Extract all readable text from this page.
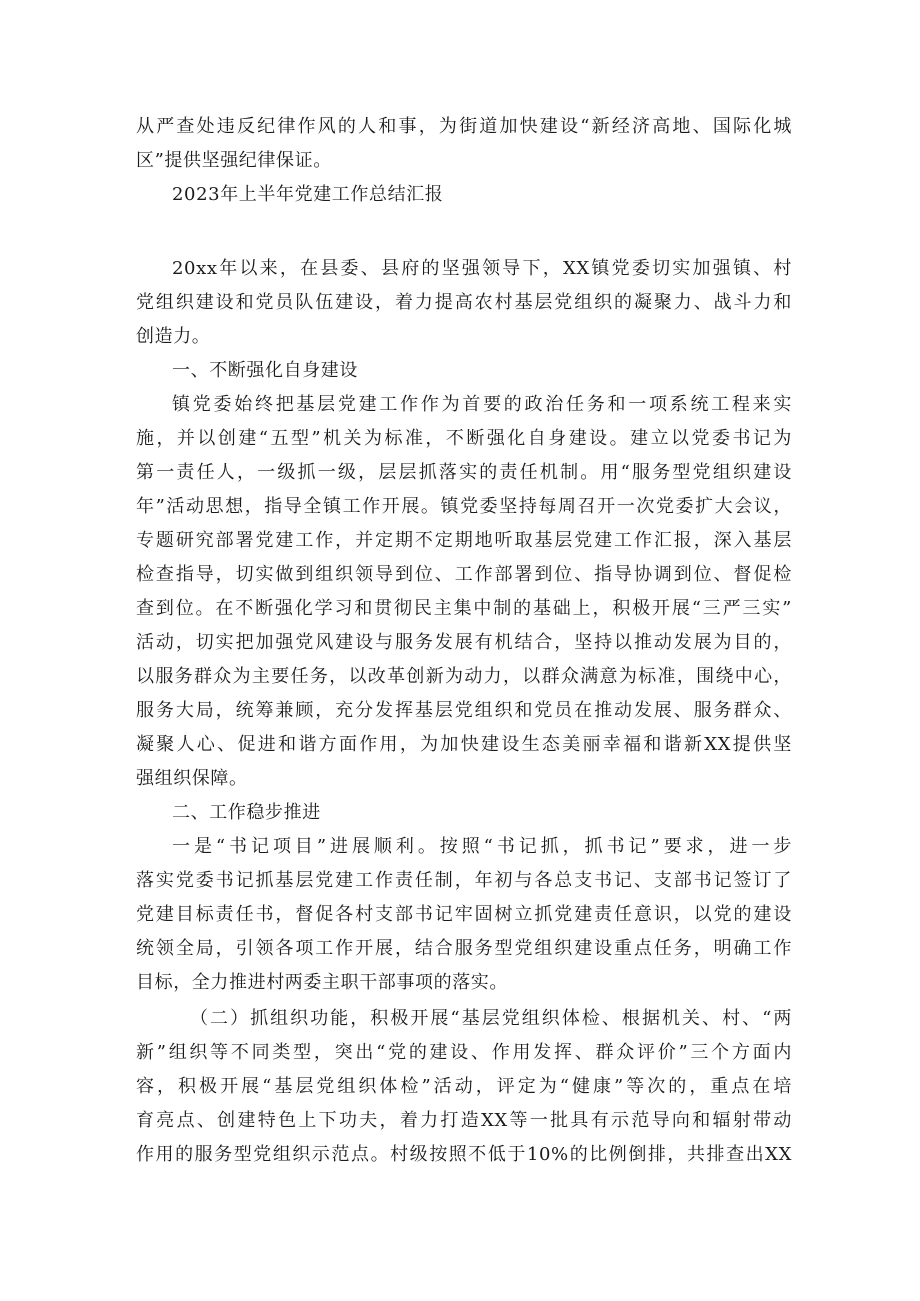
从严查处违反纪律作风的人和事，为街道加快建设“新经济高地、国际化城
区”提供坚强纪律保证。
2023年上半年党建工作总结汇报
20xx年以来，在县委、县府的坚强领导下，XX镇党委切实加强镇、村
党组织建设和党员队伍建设，着力提高农村基层党组织的凝聚力、战斗力和
创造力。
一、不断强化自身建设
镇党委始终把基层党建工作作为首要的政治任务和一项系统工程来实
施，并以创建“五型”机关为标准，不断强化自身建设。建立以党委书记为
第一责任人，一级抓一级，层层抓落实的责任机制。用“服务型党组织建设
年”活动思想，指导全镇工作开展。镇党委坚持每周召开一次党委扩大会议，
专题研究部署党建工作，并定期不定期地听取基层党建工作汇报，深入基层
检查指导，切实做到组织领导到位、工作部署到位、指导协调到位、督促检
查到位。在不断强化学习和贯彻民主集中制的基础上，积极开展“三严三实”
活动，切实把加强党风建设与服务发展有机结合，坚持以推动发展为目的，
以服务群众为主要任务，以改革创新为动力，以群众满意为标准，围绕中心，
服务大局，统筹兼顾，充分发挥基层党组织和党员在推动发展、服务群众、
凝聚人心、促进和谐方面作用，为加快建设生态美丽幸福和谐新XX提供坚
强组织保障。
二、工作稳步推进
一是“书记项目”进展顺利。按照“书记抓，抓书记”要求，进一步
落实党委书记抓基层党建工作责任制，年初与各总支书记、支部书记签订了
党建目标责任书，督促各村支部书记牢固树立抓党建责任意识，以党的建设
统领全局，引领各项工作开展，结合服务型党组织建设重点任务，明确工作
目标，全力推进村两委主职干部事项的落实。
（二）抓组织功能，积极开展“基层党组织体检、根据机关、村、“两
新”组织等不同类型，突出“党的建设、作用发挥、群众评价”三个方面内
容，积极开展“基层党组织体检”活动，评定为“健康”等次的，重点在培
育亮点、创建特色上下功夫，着力打造XX等一批具有示范导向和辐射带动
作用的服务型党组织示范点。村级按照不低于10%的比例倒排，共排查出XX
